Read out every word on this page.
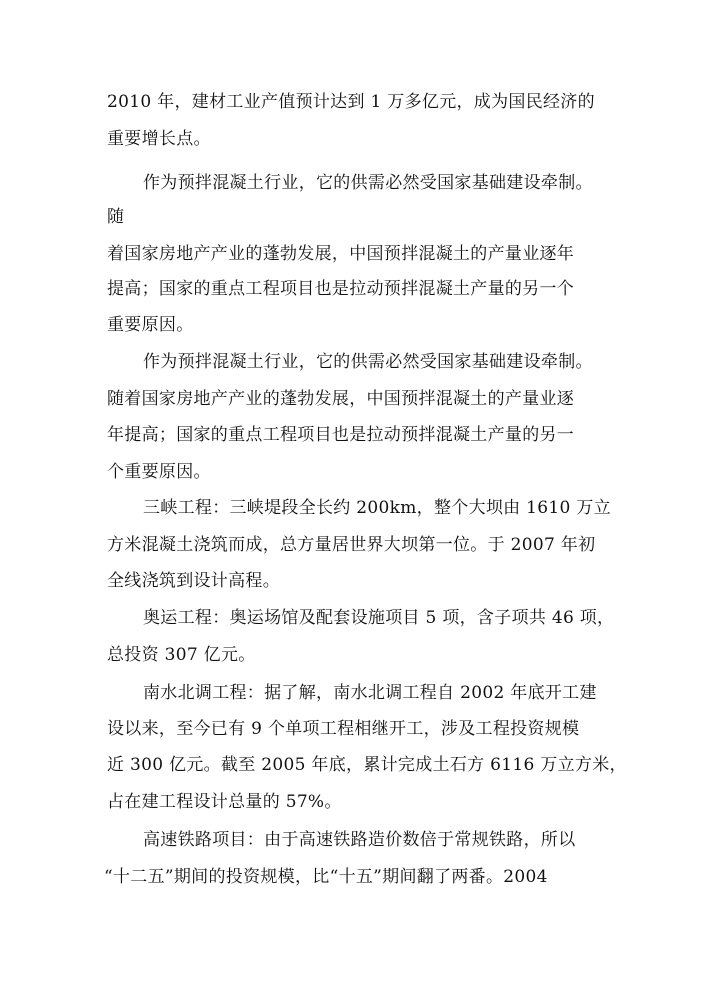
2010 年，建材工业产值预计达到 1 万多亿元，成为国民经济的
重要增长点。
作为预拌混凝土行业，它的供需必然受国家基础建设牵制。
随
着国家房地产产业的蓬勃发展，中国预拌混凝土的产量业逐年
提高；国家的重点工程项目也是拉动预拌混凝土产量的另一个
重要原因。
作为预拌混凝土行业，它的供需必然受国家基础建设牵制。
随着国家房地产产业的蓬勃发展，中国预拌混凝土的产量业逐
年提高；国家的重点工程项目也是拉动预拌混凝土产量的另一
个重要原因。
三峡工程：三峡堤段全长约 200km，整个大坝由 1610 万立
方米混凝土浇筑而成，总方量居世界大坝第一位。于 2007 年初
全线浇筑到设计高程。
奥运工程：奥运场馆及配套设施项目 5 项，含子项共 46 项，
总投资 307 亿元。
南水北调工程：据了解，南水北调工程自 2002 年底开工建
设以来，至今已有 9 个单项工程相继开工，涉及工程投资规模
近 300 亿元。截至 2005 年底，累计完成土石方 6116 万立方米，
占在建工程设计总量的 57%。
高速铁路项目：由于高速铁路造价数倍于常规铁路，所以
“十二五”期间的投资规模，比“十五”期间翻了两番。2004
